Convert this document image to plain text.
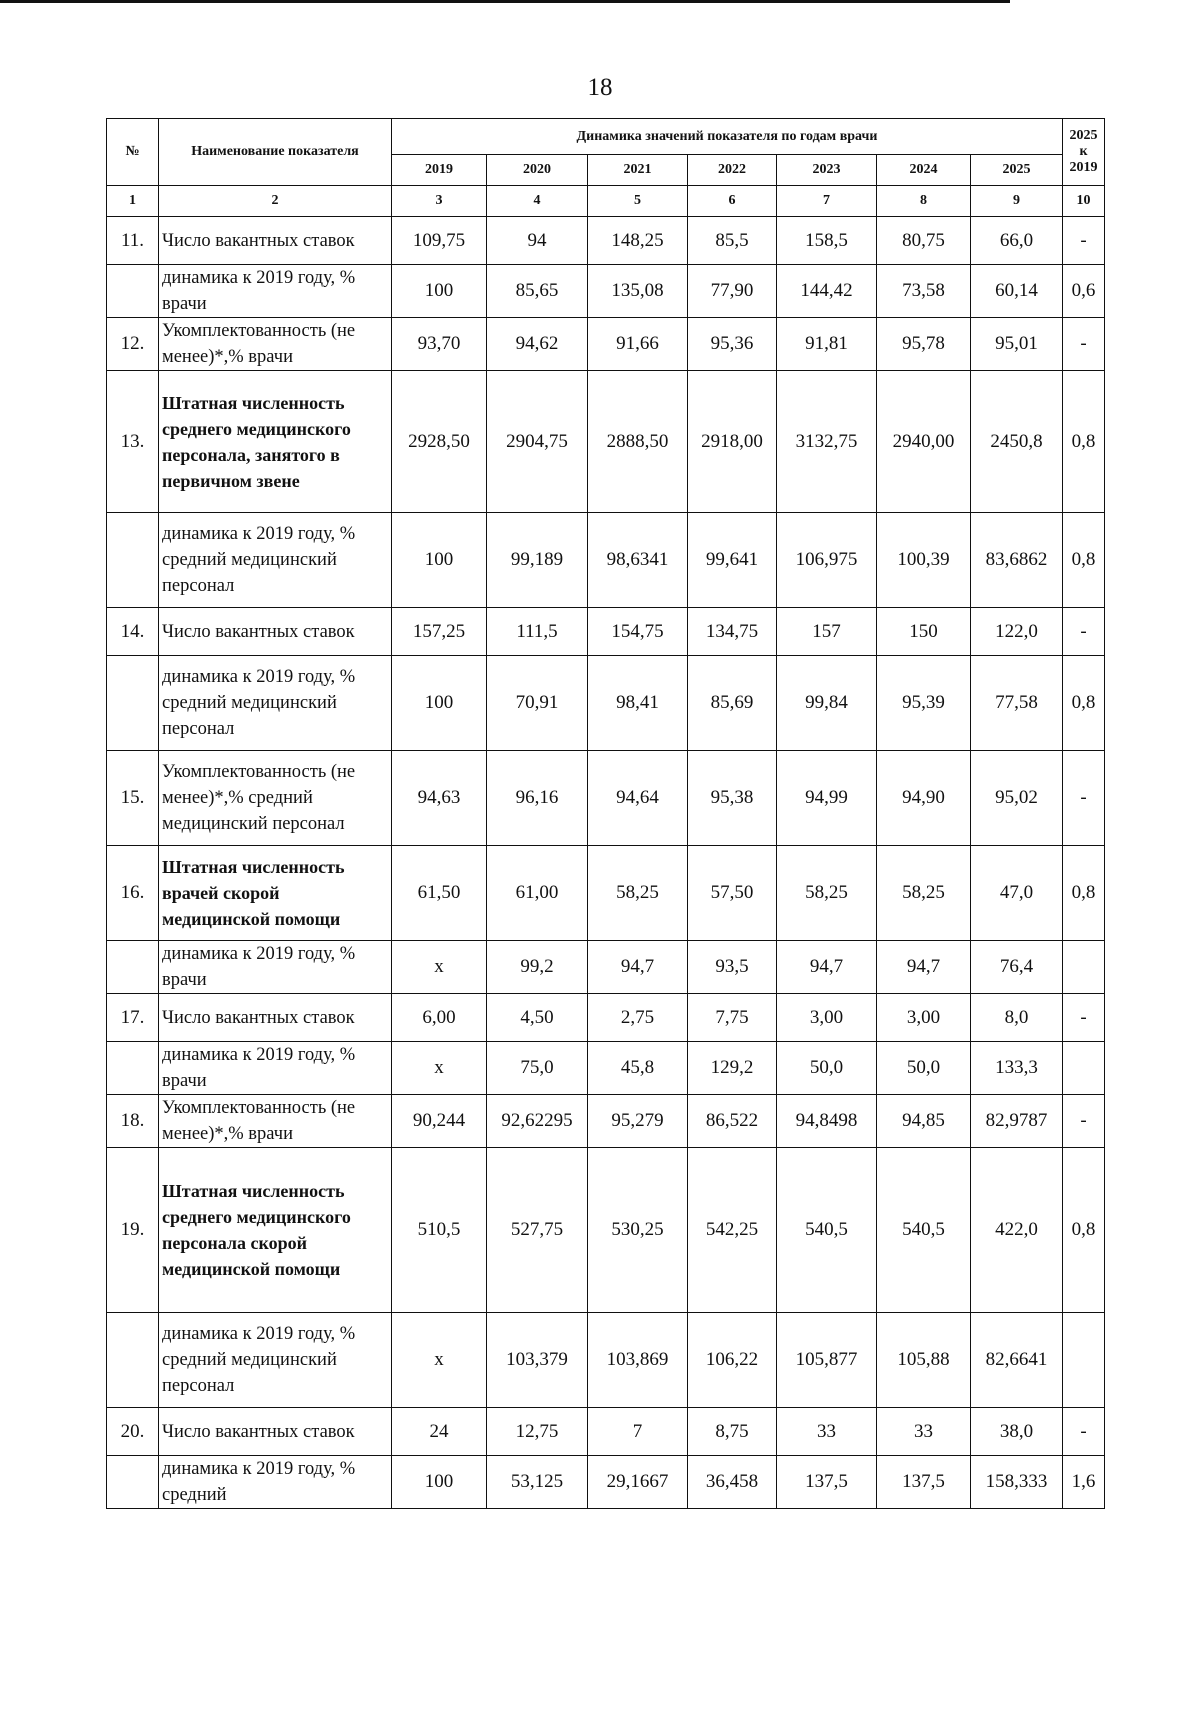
18
№	Наименование показателя	Динамика значений показателя по годам врачи							2025 к 2019
		2019	2020	2021	2022	2023	2024	2025	
1	2	3	4	5	6	7	8	9	10
11.	Число вакантных ставок	109,75	94	148,25	85,5	158,5	80,75	66,0	-
	динамика к 2019 году, % врачи	100	85,65	135,08	77,90	144,42	73,58	60,14	0,6
12.	Укомплектованность (не менее)*,% врачи	93,70	94,62	91,66	95,36	91,81	95,78	95,01	-
13.	Штатная численность среднего медицинского персонала, занятого в первичном звене	2928,50	2904,75	2888,50	2918,00	3132,75	2940,00	2450,8	0,8
	динамика к 2019 году, % средний медицинский персонал	100	99,189	98,6341	99,641	106,975	100,39	83,6862	0,8
14.	Число вакантных ставок	157,25	111,5	154,75	134,75	157	150	122,0	-
	динамика к 2019 году, % средний медицинский персонал	100	70,91	98,41	85,69	99,84	95,39	77,58	0,8
15.	Укомплектованность (не менее)*,% средний медицинский персонал	94,63	96,16	94,64	95,38	94,99	94,90	95,02	-
16.	Штатная численность врачей скорой медицинской помощи	61,50	61,00	58,25	57,50	58,25	58,25	47,0	0,8
	динамика к 2019 году, % врачи	x	99,2	94,7	93,5	94,7	94,7	76,4	
17.	Число вакантных ставок	6,00	4,50	2,75	7,75	3,00	3,00	8,0	-
	динамика к 2019 году, % врачи	x	75,0	45,8	129,2	50,0	50,0	133,3	
18.	Укомплектованность (не менее)*,% врачи	90,244	92,62295	95,279	86,522	94,8498	94,85	82,9787	-
19.	Штатная численность среднего медицинского персонала скорой медицинской помощи	510,5	527,75	530,25	542,25	540,5	540,5	422,0	0,8
	динамика к 2019 году, % средний медицинский персонал	x	103,379	103,869	106,22	105,877	105,88	82,6641	
20.	Число вакантных ставок	24	12,75	7	8,75	33	33	38,0	-
	динамика к 2019 году, % средний	100	53,125	29,1667	36,458	137,5	137,5	158,333	1,6
